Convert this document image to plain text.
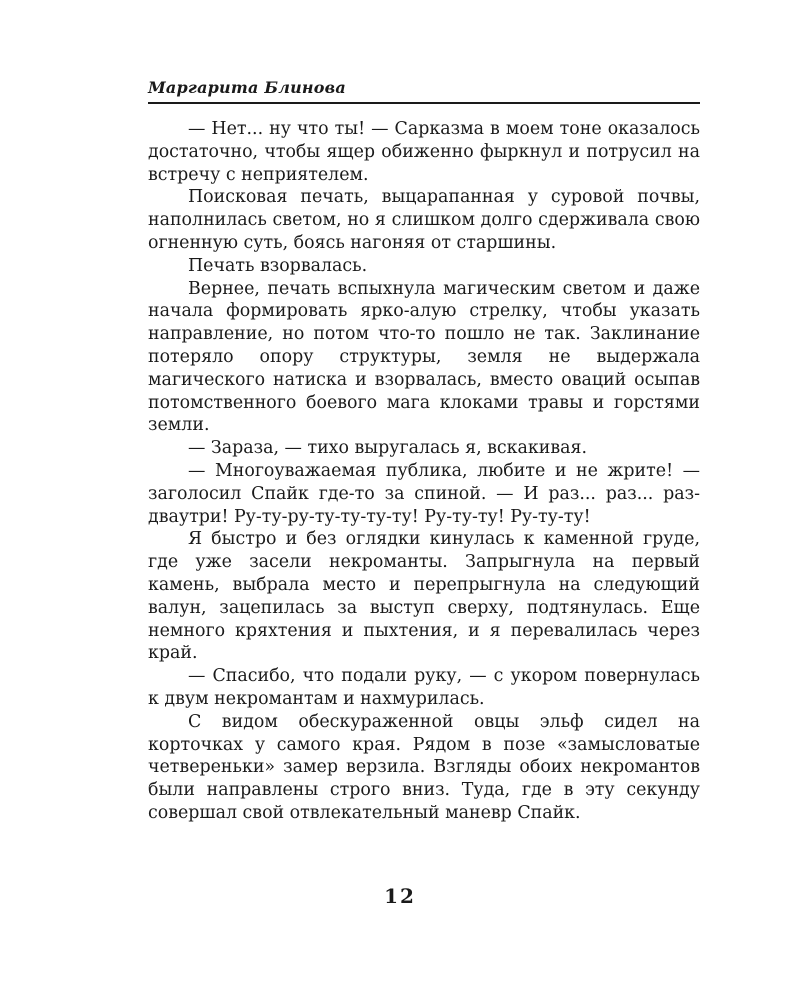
Маргарита Блинова

— Нет... ну что ты! — Сарказма в моем тоне оказалось достаточно, чтобы ящер обиженно фыркнул и потрусил на встречу с неприятелем.

Поисковая печать, выцарапанная у суровой почвы, наполнилась светом, но я слишком долго сдерживала свою огненную суть, боясь нагоняя от старшины.

Печать взорвалась.

Вернее, печать вспыхнула магическим светом и даже начала формировать ярко-алую стрелку, чтобы указать направление, но потом что-то пошло не так. Заклинание потеряло опору структуры, земля не выдержала магического натиска и взорвалась, вместо оваций осыпав потомственного боевого мага клоками травы и горстями земли.

— Зараза, — тихо выругалась я, вскакивая.

— Многоуважаемая публика, любите и не жрите! — заголосил Спайк где-то за спиной. — И раз... раз... раз-дваутри! Ру-ту-ру-ту-ту-ту-ту! Ру-ту-ту! Ру-ту-ту!

Я быстро и без оглядки кинулась к каменной груде, где уже засели некроманты. Запрыгнула на первый камень, выбрала место и перепрыгнула на следующий валун, зацепилась за выступ сверху, подтянулась. Еще немного кряхтения и пыхтения, и я перевалилась через край.

— Спасибо, что подали руку, — с укором повернулась к двум некромантам и нахмурилась.

С видом обескураженной овцы эльф сидел на корточках у самого края. Рядом в позе «замысловатые четвереньки» замер верзила. Взгляды обоих некромантов были направлены строго вниз. Туда, где в эту секунду совершал свой отвлекательный маневр Спайк.

12
